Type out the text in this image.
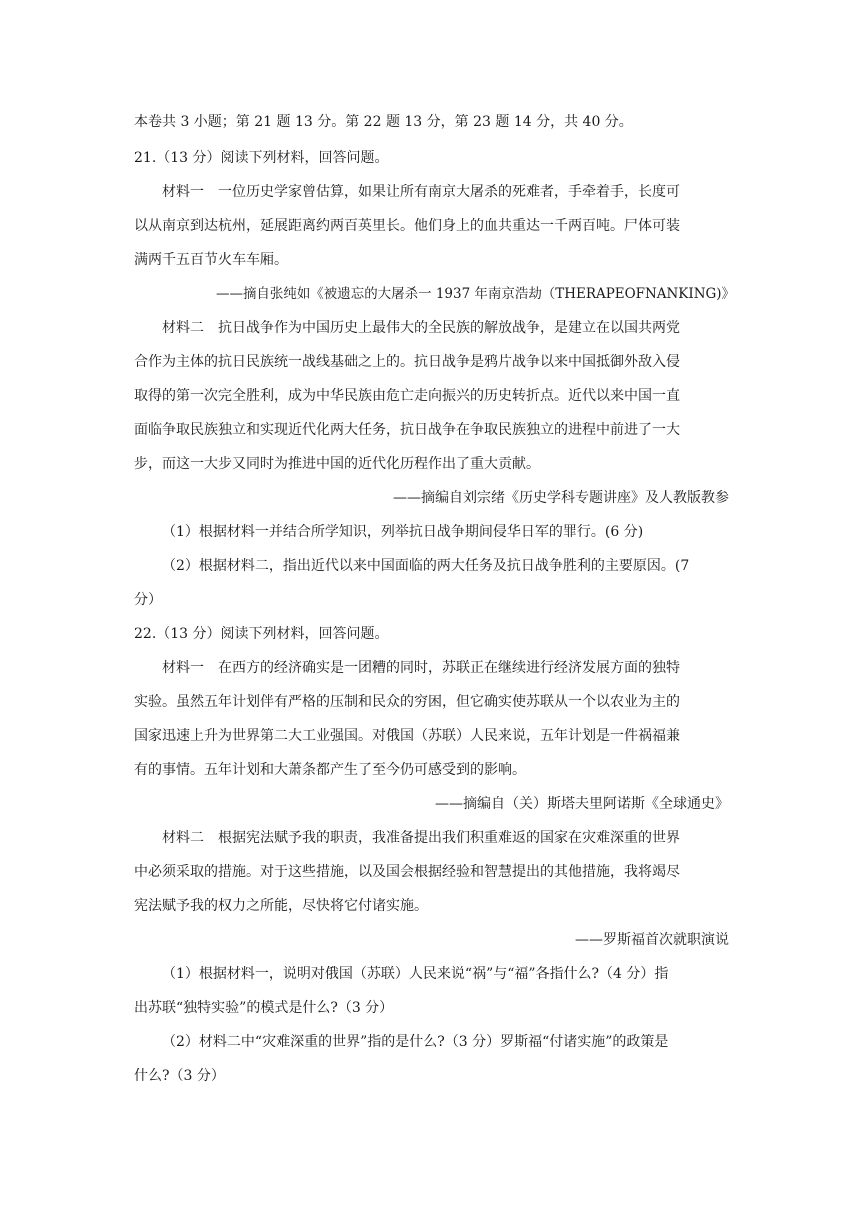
本卷共 3 小题；第 21 题 13 分。第 22 题 13 分，第 23 题 14 分，共 40 分。
21.（13 分）阅读下列材料，回答问题。
材料一　一位历史学家曾估算，如果让所有南京大屠杀的死难者，手牵着手，长度可
以从南京到达杭州，延展距离约两百英里长。他们身上的血共重达一千两百吨。尸体可装
满两千五百节火车车厢。
——摘自张纯如《被遗忘的大屠杀一 1937 年南京浩劫（THERAPEOFNANKING)》
材料二　抗日战争作为中国历史上最伟大的全民族的解放战争，是建立在以国共两党
合作为主体的抗日民族统一战线基础之上的。抗日战争是鸦片战争以来中国抵御外敌入侵
取得的第一次完全胜利，成为中华民族由危亡走向振兴的历史转折点。近代以来中国一直
面临争取民族独立和实现近代化两大任务，抗日战争在争取民族独立的进程中前进了一大
步，而这一大步又同时为推进中国的近代化历程作出了重大贡献。
——摘编自刘宗绪《历史学科专题讲座》及人教版教参
（1）根据材料一并结合所学知识，列举抗日战争期间侵华日军的罪行。(6 分)
（2）根据材料二，指出近代以来中国面临的两大任务及抗日战争胜利的主要原因。(7
分）
22.（13 分）阅读下列材料，回答问题。
材料一　在西方的经济确实是一团糟的同时，苏联正在继续进行经济发展方面的独特
实验。虽然五年计划伴有严格的压制和民众的穷困，但它确实使苏联从一个以农业为主的
国家迅速上升为世界第二大工业强国。对俄国（苏联）人民来说，五年计划是一件祸福兼
有的事情。五年计划和大萧条都产生了至今仍可感受到的影响。
——摘编自（关）斯塔夫里阿诺斯《全球通史》
材料二　根据宪法赋予我的职责，我准备提出我们积重难返的国家在灾难深重的世界
中必须采取的措施。对于这些措施，以及国会根据经验和智慧提出的其他措施，我将竭尽
宪法赋予我的权力之所能，尽快将它付诸实施。
——罗斯福首次就职演说
（1）根据材料一，说明对俄国（苏联）人民来说“祸”与“福”各指什么?（4 分）指
出苏联“独特实验”的模式是什么?（3 分）
（2）材料二中“灾难深重的世界”指的是什么?（3 分）罗斯福“付诸实施”的政策是
什么?（3 分）
